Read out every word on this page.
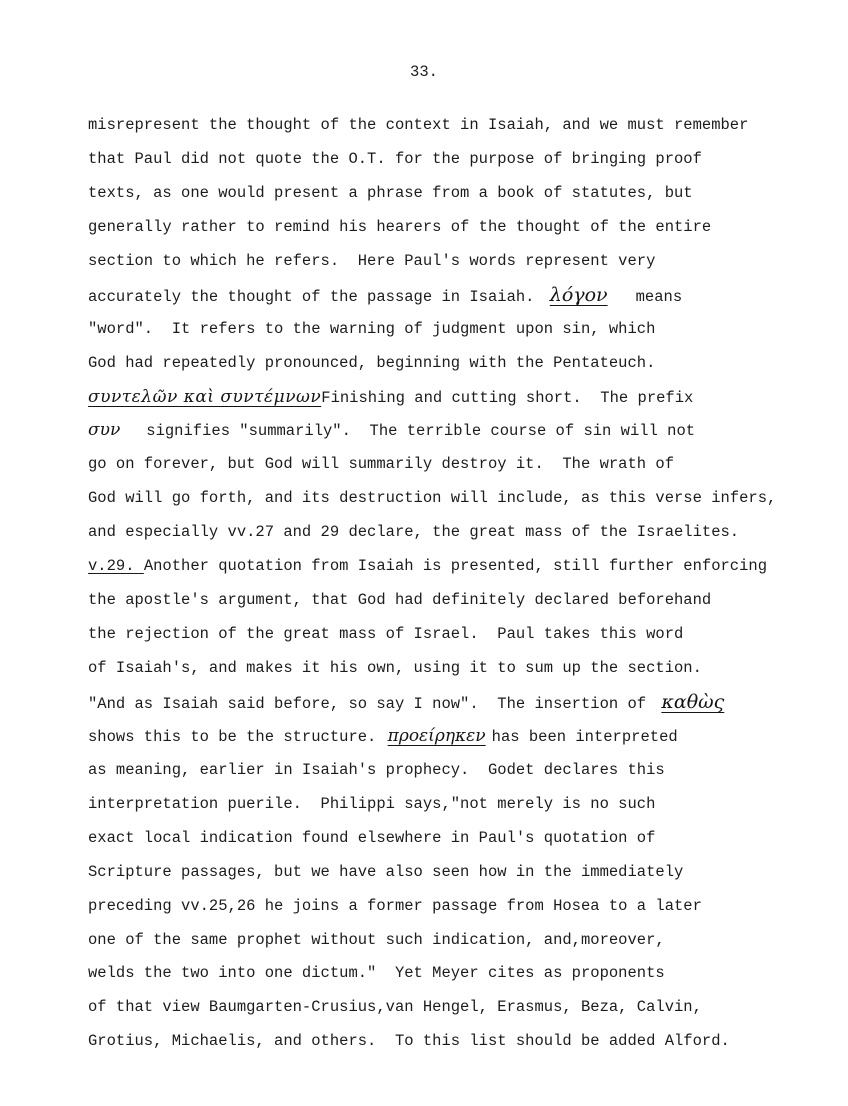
33.
misrepresent the thought of the context in Isaiah, and we must remember
that Paul did not quote the O.T. for the purpose of bringing proof
texts, as one would present a phrase from a book of statutes, but
generally rather to remind his hearers of the thought of the entire
section to which he refers.  Here Paul's words represent very
accurately the thought of the passage in Isaiah. λόγον means
"word".  It refers to the warning of judgment upon sin, which
God had repeatedly pronounced, beginning with the Pentateuch.
συντελῶν καὶ συντέμνωνFinishing and cutting short.  The prefix
συν signifies "summarily".  The terrible course of sin will not
go on forever, but God will summarily destroy it.  The wrath of
God will go forth, and its destruction will include, as this verse infers,
and especially vv.27 and 29 declare, the great mass of the Israelites.
v.29. Another quotation from Isaiah is presented, still further enforcing
the apostle's argument, that God had definitely declared beforehand
the rejection of the great mass of Israel.  Paul takes this word
of Isaiah's, and makes it his own, using it to sum up the section.
"And as Isaiah said before, so say I now".  The insertion of καθὼς
shows this to be the structure. προείρηκεν has been interpreted
as meaning, earlier in Isaiah's prophecy.  Godet declares this
interpretation puerile.  Philippi says,"not merely is no such
exact local indication found elsewhere in Paul's quotation of
Scripture passages, but we have also seen how in the immediately
preceding vv.25,26 he joins a former passage from Hosea to a later
one of the same prophet without such indication, and,moreover,
welds the two into one dictum."  Yet Meyer cites as proponents
of that view Baumgarten-Crusius,van Hengel, Erasmus, Beza, Calvin,
Grotius, Michaelis, and others.  To this list should be added Alford.
